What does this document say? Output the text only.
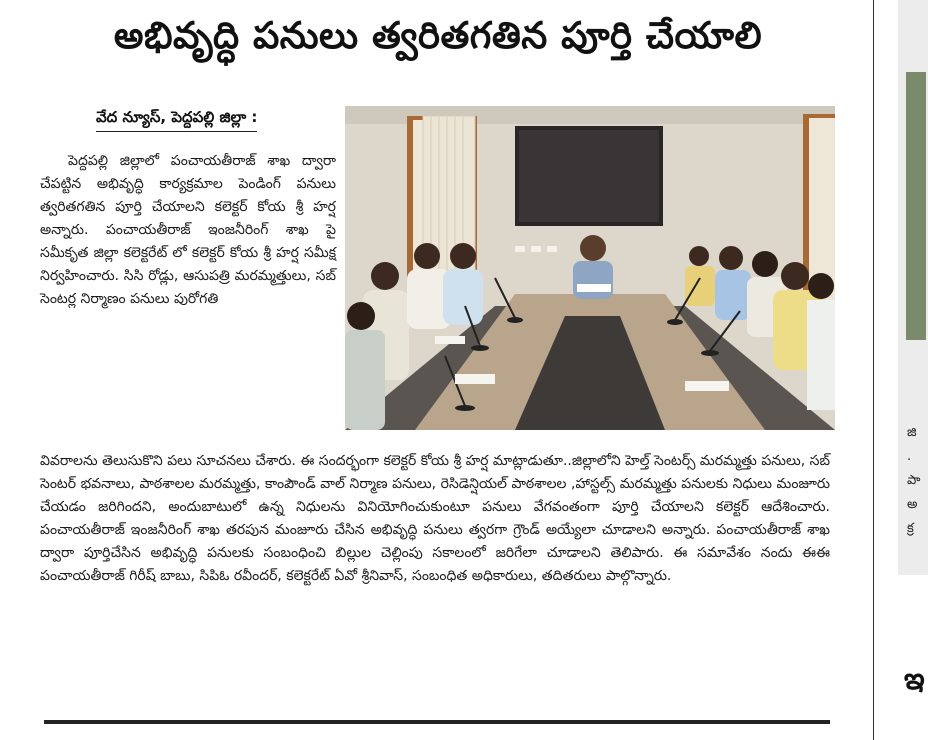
అభివృద్ధి పనులు త్వరితగతిన పూర్తి చేయాలి
వేద న్యూస్, పెద్దపల్లి జిల్లా :

పెద్దపల్లి జిల్లాలో పంచాయతీరాజ్ శాఖ ద్వారా చేపట్టిన అభివృద్ధి కార్యక్రమాల పెండింగ్ పనులు త్వరితగతిన పూర్తి చేయాలని కలెక్టర్ కోయ శ్రీ హర్ష అన్నారు. పంచాయతీరాజ్ ఇంజనీరింగ్ శాఖ పై సమీకృత జిల్లా కలెక్టరేట్ లో కలెక్టర్ కోయ శ్రీ హర్ష సమీక్ష నిర్వహించారు. సిసి రోడ్లు, ఆసుపత్రి మరమ్మత్తులు, సబ్ సెంటర్ల నిర్మాణం పనులు పురోగతి

వివరాలను తెలుసుకొని పలు సూచనలు చేశారు. ఈ సందర్భంగా కలెక్టర్ కోయ శ్రీ హర్ష మాట్లాడుతూ..జిల్లాలోని హెల్త్ సెంటర్స్ మరమ్మత్తు పనులు, సబ్ సెంటర్ భవనాలు, పాఠశాలల మరమ్మత్తు, కాంపౌండ్ వాల్ నిర్మాణ పనులు, రెసిడెన్షియల్ పాఠశాలల ,హాస్టల్స్ మరమ్మత్తు పనులకు నిధులు మంజూరు చేయడం జరిగిందని, అందుబాటులో ఉన్న నిధులను వినియోగించుకుంటూ పనులు వేగవంతంగా పూర్తి చేయాలని కలెక్టర్ ఆదేశించారు. పంచాయతీరాజ్ ఇంజనీరింగ్ శాఖ తరపున మంజూరు చేసిన అభివృద్ధి పనులు త్వరగా గ్రౌండ్ అయ్యేలా చూడాలని అన్నారు. పంచాయతీరాజ్ శాఖ ద్వారా పూర్తిచేసిన అభివృద్ధి పనులకు సంబంధించి బిల్లుల చెల్లింపు సకాలంలో జరిగేలా చూడాలని తెలిపారు. ఈ సమావేశం నందు ఈఈ పంచాయతీరాజ్ గిరీష్ బాబు, సిపిఓ రవీందర్, కలెక్టరేట్ ఏవో శ్రీనివాస్, సంబంధిత అధికారులు, తదితరులు పాల్గొన్నారు.

జి
.
పా
అ
క్ర
ఇ
